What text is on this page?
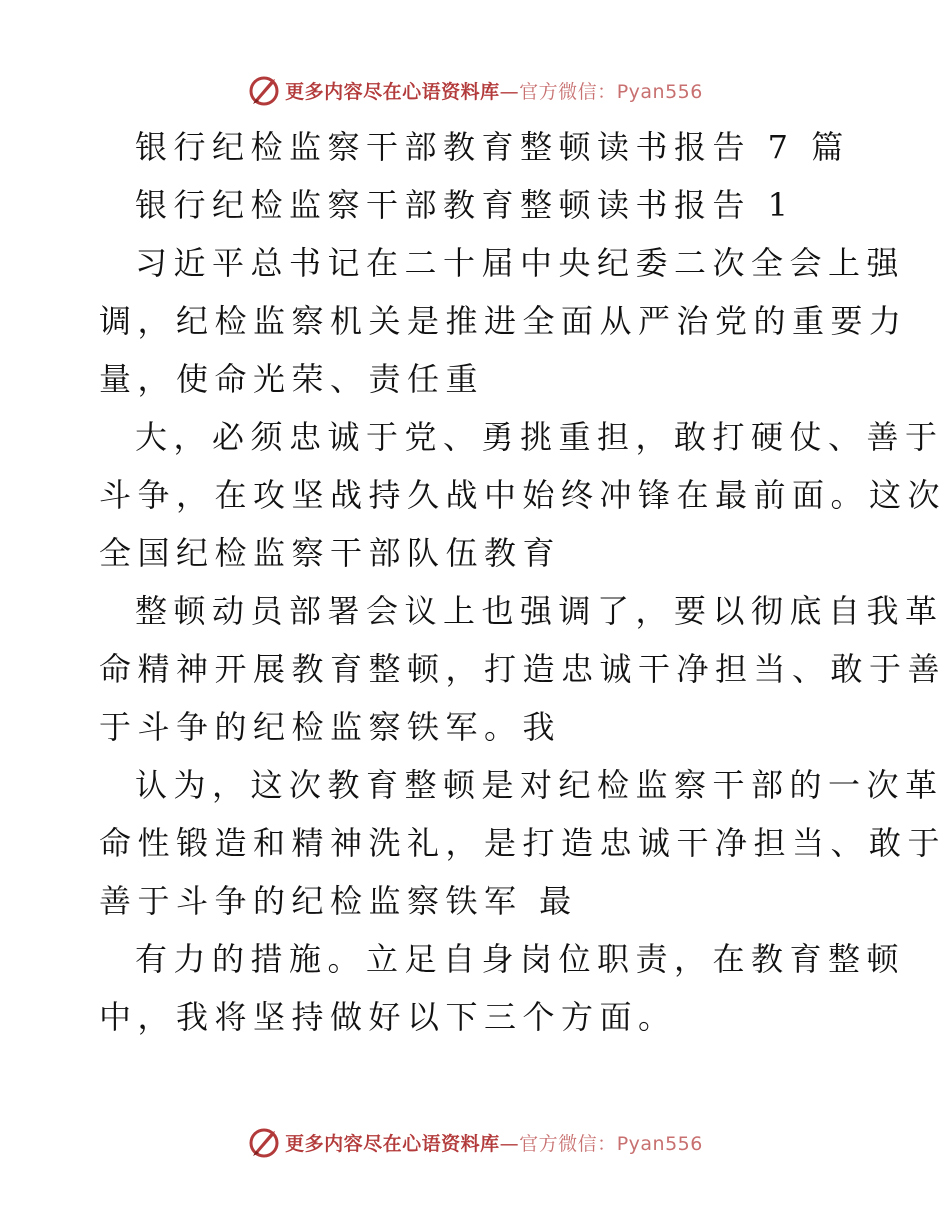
更多内容尽在心语资料库—官方微信：Pyan556
银行纪检监察干部教育整顿读书报告 7 篇
银行纪检监察干部教育整顿读书报告 1
习近平总书记在二十届中央纪委二次全会上强
调，纪检监察机关是推进全面从严治党的重要力
量，使命光荣、责任重
大，必须忠诚于党、勇挑重担，敢打硬仗、善于
斗争，在攻坚战持久战中始终冲锋在最前面。这次
全国纪检监察干部队伍教育
整顿动员部署会议上也强调了，要以彻底自我革
命精神开展教育整顿，打造忠诚干净担当、敢于善
于斗争的纪检监察铁军。我
认为，这次教育整顿是对纪检监察干部的一次革
命性锻造和精神洗礼，是打造忠诚干净担当、敢于
善于斗争的纪检监察铁军 最
有力的措施。立足自身岗位职责，在教育整顿
中，我将坚持做好以下三个方面。
更多内容尽在心语资料库—官方微信：Pyan556
